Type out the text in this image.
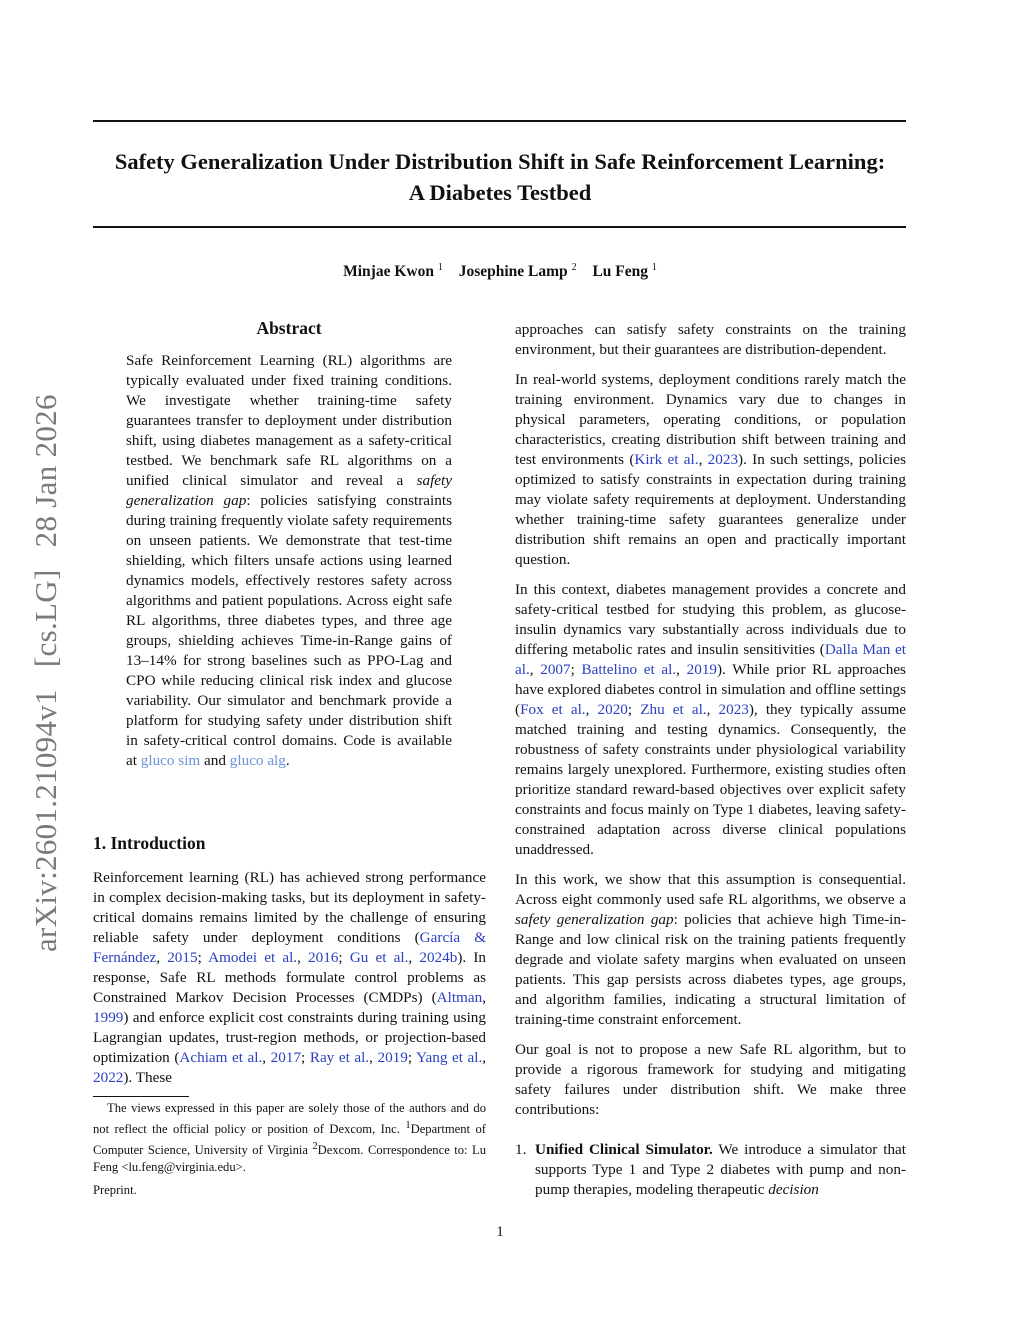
Safety Generalization Under Distribution Shift in Safe Reinforcement Learning:
A Diabetes Testbed
Minjae Kwon $^1$ Josephine Lamp $^2$ Lu Feng $^1$
arXiv:2601.21094v1 [cs.LG] 28 Jan 2026
Abstract
Safe Reinforcement Learning (RL) algorithms are typically evaluated under fixed training conditions. We investigate whether training-time safety guarantees transfer to deployment under distribution shift, using diabetes management as a safety-critical testbed. We benchmark safe RL algorithms on a unified clinical simulator and reveal a safety generalization gap: policies satisfying constraints during training frequently violate safety requirements on unseen patients. We demonstrate that test-time shielding, which filters unsafe actions using learned dynamics models, effectively restores safety across algorithms and patient populations. Across eight safe RL algorithms, three diabetes types, and three age groups, shielding achieves Time-in-Range gains of 13–14% for strong baselines such as PPO-Lag and CPO while reducing clinical risk index and glucose variability. Our simulator and benchmark provide a platform for studying safety under distribution shift in safety-critical control domains. Code is available at gluco sim and gluco alg.
1. Introduction
Reinforcement learning (RL) has achieved strong performance in complex decision-making tasks, but its deployment in safety-critical domains remains limited by the challenge of ensuring reliable safety under deployment conditions (García & Fernández, 2015; Amodei et al., 2016; Gu et al., 2024b). In response, Safe RL methods formulate control problems as Constrained Markov Decision Processes (CMDPs) (Altman, 1999) and enforce explicit cost constraints during training using Lagrangian updates, trust-region methods, or projection-based optimization (Achiam et al., 2017; Ray et al., 2019; Yang et al., 2022). These
The views expressed in this paper are solely those of the authors and do not reflect the official policy or position of Dexcom, Inc. $^1$Department of Computer Science, University of Virginia $^2$Dexcom. Correspondence to: Lu Feng <lu.feng@virginia.edu>.
Preprint.
approaches can satisfy safety constraints on the training environment, but their guarantees are distribution-dependent.
In real-world systems, deployment conditions rarely match the training environment. Dynamics vary due to changes in physical parameters, operating conditions, or population characteristics, creating distribution shift between training and test environments (Kirk et al., 2023). In such settings, policies optimized to satisfy constraints in expectation during training may violate safety requirements at deployment. Understanding whether training-time safety guarantees generalize under distribution shift remains an open and practically important question.
In this context, diabetes management provides a concrete and safety-critical testbed for studying this problem, as glucose-insulin dynamics vary substantially across individuals due to differing metabolic rates and insulin sensitivities (Dalla Man et al., 2007; Battelino et al., 2019). While prior RL approaches have explored diabetes control in simulation and offline settings (Fox et al., 2020; Zhu et al., 2023), they typically assume matched training and testing dynamics. Consequently, the robustness of safety constraints under physiological variability remains largely unexplored. Furthermore, existing studies often prioritize standard reward-based objectives over explicit safety constraints and focus mainly on Type 1 diabetes, leaving safety-constrained adaptation across diverse clinical populations unaddressed.
In this work, we show that this assumption is consequential. Across eight commonly used safe RL algorithms, we observe a safety generalization gap: policies that achieve high Time-in-Range and low clinical risk on the training patients frequently degrade and violate safety margins when evaluated on unseen patients. This gap persists across diabetes types, age groups, and algorithm families, indicating a structural limitation of training-time constraint enforcement.
Our goal is not to propose a new Safe RL algorithm, but to provide a rigorous framework for studying and mitigating safety failures under distribution shift. We make three contributions:
1. Unified Clinical Simulator. We introduce a simulator that supports Type 1 and Type 2 diabetes with pump and non-pump therapies, modeling therapeutic decision
1
